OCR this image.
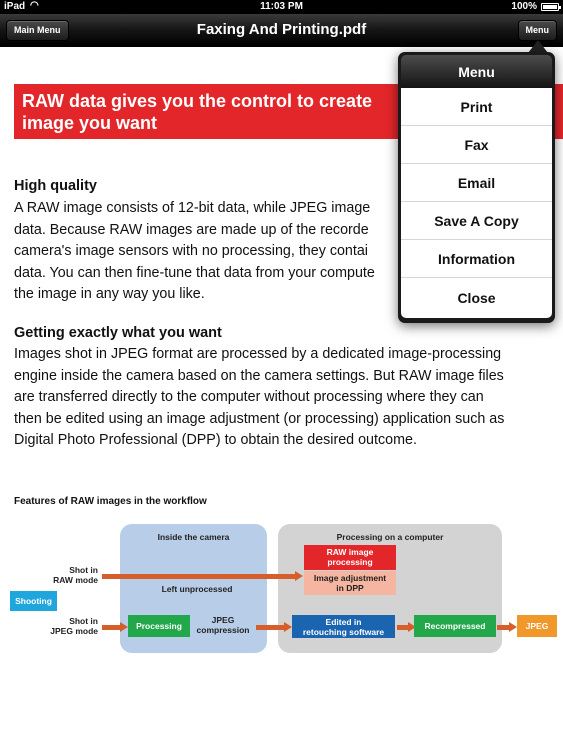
iPad ◠	11:03 PM	100%
Main Menu	Faxing And Printing.pdf	Menu
RAW data gives you the control to create
image you want
High quality
A RAW image consists of 12-bit data, while JPEG image
data. Because RAW images are made up of the recorde
camera's image sensors with no processing, they contai
data. You can then fine-tune that data from your compute
the image in any way you like.
Getting exactly what you want
Images shot in JPEG format are processed by a dedicated image-processing
engine inside the camera based on the camera settings. But RAW image files
are transferred directly to the computer without processing where they can
then be edited using an image adjustment (or processing) application such as
Digital Photo Professional (DPP) to obtain the desired outcome.
Features of RAW images in the workflow
Inside the camera	Processing on a computer
Shot in
RAW mode
Shot in
JPEG mode
Shooting
Left unprocessed
RAW image
processing
Image adjustment
in DPP
Processing
JPEG
compression
Edited in
retouching software
Recompressed	JPEG
Menu
Print
Fax
Email
Save A Copy
Information
Close
